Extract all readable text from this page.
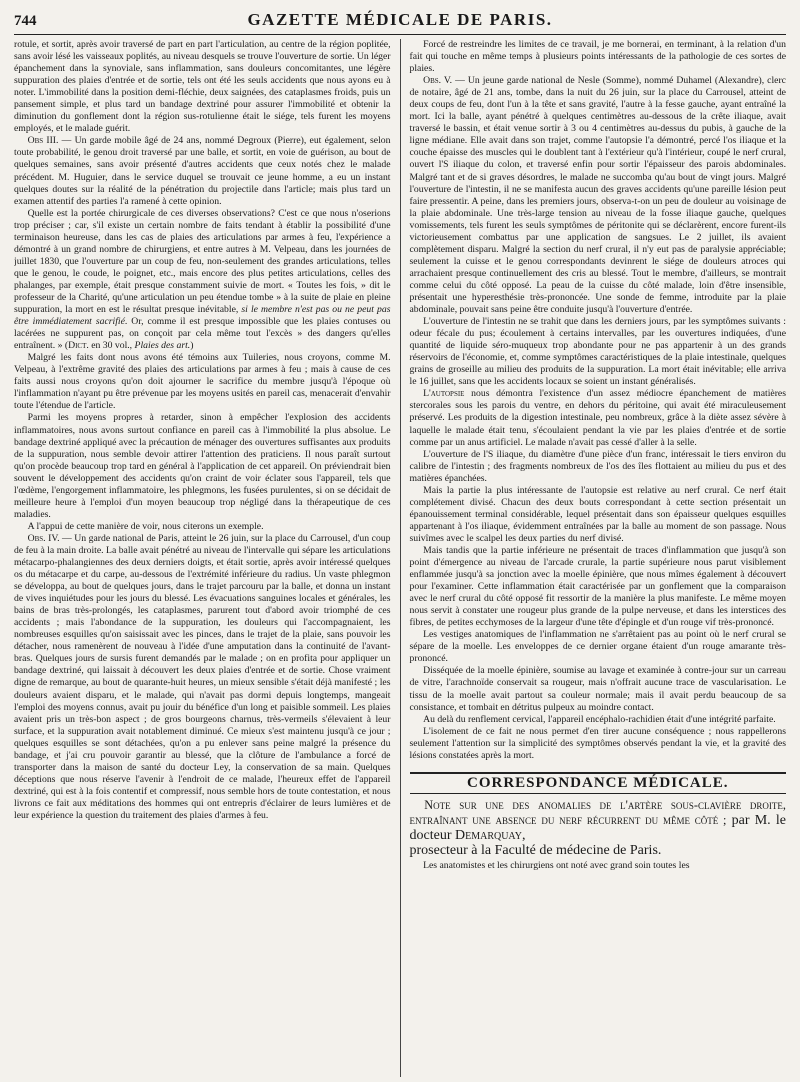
744	GAZETTE MÉDICALE DE PARIS.

rotule, et sortit, après avoir traversé de part en part l'articulation, au centre de la région poplitée, sans avoir lésé les vaisseaux poplités, au niveau desquels se trouve l'ouverture de sortie. Un léger épanchement dans la synoviale, sans inflammation, sans douleurs concomitantes, une légère suppuration des plaies d'entrée et de sortie, tels ont été les seuls accidents que nous ayons eu à noter. L'immobilité dans la position demi-fléchie, deux saignées, des cataplasmes froids, puis un pansement simple, et plus tard un bandage dextriné pour assurer l'immobilité et obtenir la diminution du gonflement dont la région sus-rotulienne était le siége, tels furent les moyens employés, et le malade guérit.

Obs III. — Un garde mobile âgé de 24 ans, nommé Degroux (Pierre), eut également, selon toute probabilité, le genou droit traversé par une balle, et sortit, en voie de guérison, au bout de quelques semaines, sans avoir présenté d'autres accidents que ceux notés chez le malade précédent. M. Huguier, dans le service duquel se trouvait ce jeune homme, a eu un instant quelques doutes sur la réalité de la pénétration du projectile dans l'article; mais plus tard un examen attentif des parties l'a ramené à cette opinion.

Quelle est la portée chirurgicale de ces diverses observations? C'est ce que nous n'oserions trop préciser ; car, s'il existe un certain nombre de faits tendant à établir la possibilité d'une terminaison heureuse, dans les cas de plaies des articulations par armes à feu, l'expérience a démontré à un grand nombre de chirurgiens, et entre autres à M. Velpeau, dans les journées de juillet 1830, que l'ouverture par un coup de feu, non-seulement des grandes articulations, telles que le genou, le coude, le poignet, etc., mais encore des plus petites articulations, celles des phalanges, par exemple, était presque constamment suivie de mort. « Toutes les fois, » dit le professeur de la Charité, qu'une articulation un peu étendue tombe » à la suite de plaie en pleine suppuration, la mort en est le résultat presque inévitable, si le membre n'est pas ou ne peut pas être immédiatement sacrifié. Or, comme il est presque impossible que les plaies contuses ou lacérées ne suppurent pas, on conçoit par cela même tout l'excès » des dangers qu'elles entraînent. » (Dict. en 30 vol., Plaies des art.)

Malgré les faits dont nous avons été témoins aux Tuileries, nous croyons, comme M. Velpeau, à l'extrême gravité des plaies des articulations par armes à feu ; mais à cause de ces faits aussi nous croyons qu'on doit ajourner le sacrifice du membre jusqu'à l'époque où l'inflammation n'ayant pu être prévenue par les moyens usités en pareil cas, menacerait d'envahir toute l'étendue de l'article.

Parmi les moyens propres à retarder, sinon à empêcher l'explosion des accidents inflammatoires, nous avons surtout confiance en pareil cas à l'immobilité la plus absolue. Le bandage dextriné appliqué avec la précaution de ménager des ouvertures suffisantes aux produits de la suppuration, nous semble devoir attirer l'attention des praticiens. Il nous paraît surtout qu'on procède beaucoup trop tard en général à l'application de cet appareil. On préviendrait bien souvent le développement des accidents qu'on craint de voir éclater sous l'appareil, tels que l'œdème, l'engorgement inflammatoire, les phlegmons, les fusées purulentes, si on se décidait de meilleure heure à l'emploi d'un moyen beaucoup trop négligé dans la thérapeutique de ces maladies.

A l'appui de cette manière de voir, nous citerons un exemple.

Obs. IV. — Un garde national de Paris, atteint le 26 juin, sur la place du Carrousel, d'un coup de feu à la main droite. La balle avait pénétré au niveau de l'intervalle qui sépare les articulations métacarpo-phalangiennes des deux derniers doigts, et était sortie, après avoir intéressé quelques os du métacarpe et du carpe, au-dessous de l'extrémité inférieure du radius. Un vaste phlegmon se développa, au bout de quelques jours, dans le trajet parcouru par la balle, et donna un instant de vives inquiétudes pour les jours du blessé. Les évacuations sanguines locales et générales, les bains de bras très-prolongés, les cataplasmes, parurent tout d'abord avoir triomphé de ces accidents ; mais l'abondance de la suppuration, les douleurs qui l'accompagnaient, les nombreuses esquilles qu'on saisissait avec les pinces, dans le trajet de la plaie, sans pouvoir les détacher, nous ramenèrent de nouveau à l'idée d'une amputation dans la continuité de l'avant-bras. Quelques jours de sursis furent demandés par le malade ; on en profita pour appliquer un bandage dextriné, qui laissait à découvert les deux plaies d'entrée et de sortie. Chose vraiment digne de remarque, au bout de quarante-huit heures, un mieux sensible s'était déjà manifesté ; les douleurs avaient disparu, et le malade, qui n'avait pas dormi depuis longtemps, mangeait l'emploi des moyens connus, avait pu jouir du bénéfice d'un long et paisible sommeil. Les plaies avaient pris un très-bon aspect ; de gros bourgeons charnus, très-vermeils s'élevaient à leur surface, et la suppuration avait notablement diminué. Ce mieux s'est maintenu jusqu'à ce jour ; quelques esquilles se sont détachées, qu'on a pu enlever sans peine malgré la présence du bandage, et j'ai cru pouvoir garantir au blessé, que la clôture de l'ambulance a forcé de transporter dans la maison de santé du docteur Ley, la conservation de sa main. Quelques déceptions que nous réserve l'avenir à l'endroit de ce malade, l'heureux effet de l'appareil dextriné, qui est à la fois contentif et compressif, nous semble hors de toute contestation, et nous livrons ce fait aux méditations des hommes qui ont entrepris d'éclairer de leurs lumières et de leur expérience la question du traitement des plaies d'armes à feu.

Forcé de restreindre les limites de ce travail, je me bornerai, en terminant, à la relation d'un fait qui touche en même temps à plusieurs points intéressants de la pathologie de ces sortes de plaies.

Obs. V. — Un jeune garde national de Nesle (Somme), nommé Duhamel (Alexandre), clerc de notaire, âgé de 21 ans, tombe, dans la nuit du 26 juin, sur la place du Carrousel, atteint de deux coups de feu, dont l'un à la tête et sans gravité, l'autre à la fesse gauche, ayant entraîné la mort. Ici la balle, ayant pénétré à quelques centimètres au-dessous de la crête iliaque, avait traversé le bassin, et était venue sortir à 3 ou 4 centimètres au-dessus du pubis, à gauche de la ligne médiane. Elle avait dans son trajet, comme l'autopsie l'a démontré, percé l'os iliaque et la couche épaisse des muscles qui le doublent tant à l'extérieur qu'à l'intérieur, coupé le nerf crural, ouvert l'S iliaque du colon, et traversé enfin pour sortir l'épaisseur des parois abdominales. Malgré tant et de si graves désordres, le malade ne succomba qu'au bout de vingt jours. Malgré l'ouverture de l'intestin, il ne se manifesta aucun des graves accidents qu'une pareille lésion peut faire pressentir. A peine, dans les premiers jours, observa-t-on un peu de douleur au voisinage de la plaie abdominale. Une très-large tension au niveau de la fosse iliaque gauche, quelques vomissements, tels furent les seuls symptômes de péritonite qui se déclarèrent, encore furent-ils victorieusement combattus par une application de sangsues. Le 2 juillet, ils avaient complètement disparu. Malgré la section du nerf crural, il n'y eut pas de paralysie appréciable; seulement la cuisse et le genou correspondants devinrent le siége de douleurs atroces qui arrachaient presque continuellement des cris au blessé. Tout le membre, d'ailleurs, se montrait comme celui du côté opposé. La peau de la cuisse du côté malade, loin d'être insensible, présentait une hyperesthésie très-prononcée. Une sonde de femme, introduite par la plaie abdominale, pouvait sans peine être conduite jusqu'à l'ouverture d'entrée.

L'ouverture de l'intestin ne se trahit que dans les derniers jours, par les symptômes suivants : odeur fécale du pus; écoulement à certains intervalles, par les ouvertures indiquées, d'une quantité de liquide séro-muqueux trop abondante pour ne pas appartenir à un des grands réservoirs de l'économie, et, comme symptômes caractéristiques de la plaie intestinale, quelques grains de groseille au milieu des produits de la suppuration. La mort était inévitable; elle arriva le 16 juillet, sans que les accidents locaux se soient un instant généralisés.

L'autopsie nous démontra l'existence d'un assez médiocre épanchement de matières stercorales sous les parois du ventre, en dehors du péritoine, qui avait été miraculeusement préservé. Les produits de la digestion intestinale, peu nombreux, grâce à la diète assez sévère à laquelle le malade était tenu, s'écoulaient pendant la vie par les plaies d'entrée et de sortie comme par un anus artificiel. Le malade n'avait pas cessé d'aller à la selle.

L'ouverture de l'S iliaque, du diamètre d'une pièce d'un franc, intéressait le tiers environ du calibre de l'intestin ; des fragments nombreux de l'os des îles flottaient au milieu du pus et des matières épanchées.

Mais la partie la plus intéressante de l'autopsie est relative au nerf crural. Ce nerf était complétement divisé. Chacun des deux bouts correspondant à cette section présentait un épanouissement terminal considérable, lequel présentait dans son épaisseur quelques esquilles appartenant à l'os iliaque, évidemment entraînées par la balle au moment de son passage. Nous suivîmes avec le scalpel les deux parties du nerf divisé.

Mais tandis que la partie inférieure ne présentait de traces d'inflammation que jusqu'à son point d'émergence au niveau de l'arcade crurale, la partie supérieure nous parut visiblement enflammée jusqu'à sa jonction avec la moelle épinière, que nous mîmes également à découvert pour l'examiner. Cette inflammation était caractérisée par un gonflement que la comparaison avec le nerf crural du côté opposé fit ressortir de la manière la plus manifeste. Le même moyen nous servit à constater une rougeur plus grande de la pulpe nerveuse, et dans les interstices des fibres, de petites ecchymoses de la largeur d'une tête d'épingle et d'un rouge vif très-prononcé.

Les vestiges anatomiques de l'inflammation ne s'arrêtaient pas au point où le nerf crural se sépare de la moelle. Les enveloppes de ce dernier organe étaient d'un rouge amarante très-prononcé.

Disséquée de la moelle épinière, soumise au lavage et examinée à contre-jour sur un carreau de vitre, l'arachnoïde conservait sa rougeur, mais n'offrait aucune trace de vascularisation. Le tissu de la moelle avait partout sa couleur normale; mais il avait perdu beaucoup de sa consistance, et tombait en détritus pulpeux au moindre contact.

Au delà du renflement cervical, l'appareil encéphalo-rachidien était d'une intégrité parfaite.

L'isolement de ce fait ne nous permet d'en tirer aucune conséquence ; nous rappellerons seulement l'attention sur la simplicité des symptômes observés pendant la vie, et la gravité des lésions constatées après la mort.

CORRESPONDANCE MÉDICALE.
Note sur une des anomalies de l'artère sous-clavière droite, entraînant une absence du nerf récurrent du même côté ; par M. le docteur Demarquay,
prosecteur à la Faculté de médecine de Paris.

Les anatomistes et les chirurgiens ont noté avec grand soin toutes les
